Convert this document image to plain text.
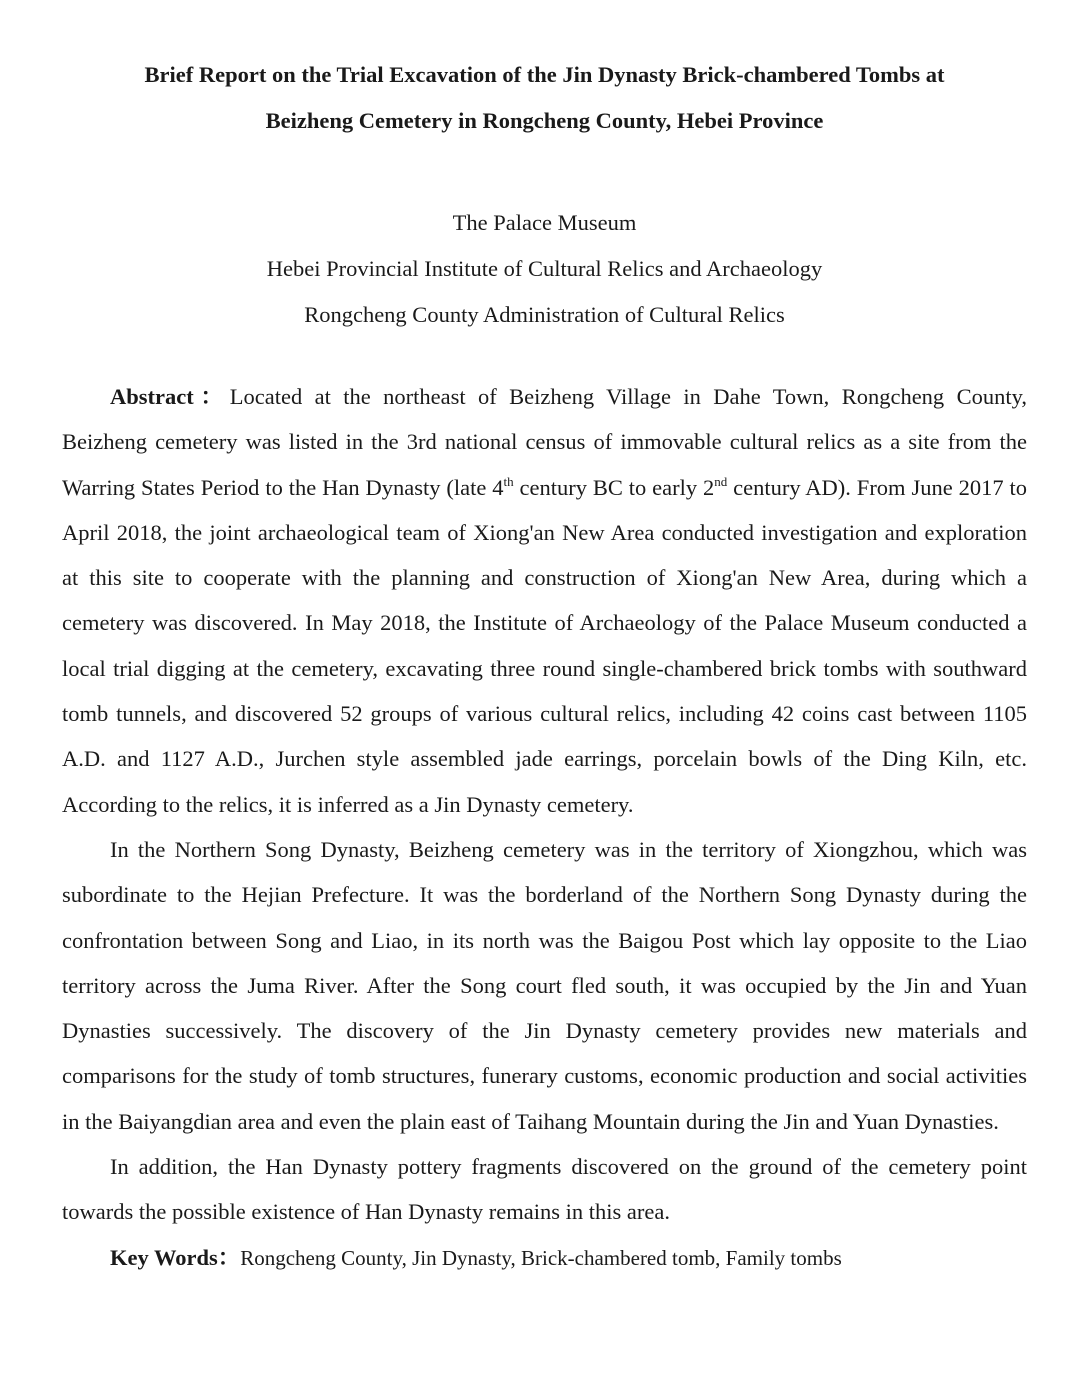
Brief Report on the Trial Excavation of the Jin Dynasty Brick-chambered Tombs at
Beizheng Cemetery in Rongcheng County, Hebei Province
The Palace Museum
Hebei Provincial Institute of Cultural Relics and Archaeology
Rongcheng County Administration of Cultural Relics

Abstract：Located at the northeast of Beizheng Village in Dahe Town, Rongcheng County, Beizheng cemetery was listed in the 3rd national census of immovable cultural relics as a site from the Warring States Period to the Han Dynasty (late 4th century BC to early 2nd century AD). From June 2017 to April 2018, the joint archaeological team of Xiong'an New Area conducted investigation and exploration at this site to cooperate with the planning and construction of Xiong'an New Area, during which a cemetery was discovered. In May 2018, the Institute of Archaeology of the Palace Museum conducted a local trial digging at the cemetery, excavating three round single-chambered brick tombs with southward tomb tunnels, and discovered 52 groups of various cultural relics, including 42 coins cast between 1105 A.D. and 1127 A.D., Jurchen style assembled jade earrings, porcelain bowls of the Ding Kiln, etc. According to the relics, it is inferred as a Jin Dynasty cemetery.

In the Northern Song Dynasty, Beizheng cemetery was in the territory of Xiongzhou, which was subordinate to the Hejian Prefecture. It was the borderland of the Northern Song Dynasty during the confrontation between Song and Liao, in its north was the Baigou Post which lay opposite to the Liao territory across the Juma River. After the Song court fled south, it was occupied by the Jin and Yuan Dynasties successively. The discovery of the Jin Dynasty cemetery provides new materials and comparisons for the study of tomb structures, funerary customs, economic production and social activities in the Baiyangdian area and even the plain east of Taihang Mountain during the Jin and Yuan Dynasties.

In addition, the Han Dynasty pottery fragments discovered on the ground of the cemetery point towards the possible existence of Han Dynasty remains in this area.

Key Words：Rongcheng County, Jin Dynasty, Brick-chambered tomb, Family tombs
